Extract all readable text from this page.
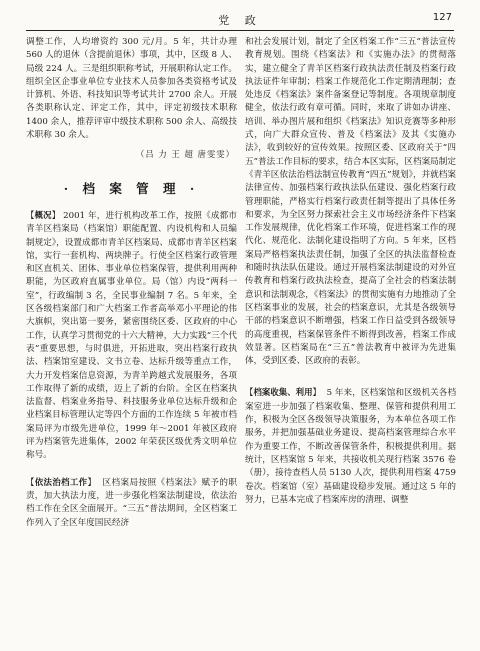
党 政	127

调整工作，人均增资约 300 元/月。5 年，共计办理 560 人的退休（含提前退休）事项，其中，区级 8 人、局级 224 人。三是组织职称考试，开展职称认定工作。组织全区企事业单位专业技术人员参加各类资格考试及计算机、外语、科技知识等考试共计 2700 余人。开展各类职称认定、评定工作，其中，评定初级技术职称 1400 余人，推荐评审中级技术职称 500 余人、高级技术职称 30 余人。

（吕 力 王 超 唐雯雯）
· 档 案 管 理 ·

【 概况 】 2001 年，进行机构改革工作，按照《成都市青羊区档案局（档案馆）职能配置、内设机构和人员编制规定》，设置成都市青羊区档案局、成都市青羊区档案馆，实行一套机构、两块牌子。行使全区档案行政管理和区直机关、团体、事业单位档案保管，提供利用两种职能，为区政府直属事业单位。局（馆）内设“两科一室”，行政编制 3 名，全民事业编制 7 名。5 年来，全区各级档案部门和广大档案工作者高举邓小平理论的伟大旗帜，突出第一要务，紧密围绕区委、区政府的中心工作，认真学习贯彻党的十六大精神，大力实践“三个代表”重要思想，与时俱进，开拓进取，突出档案行政执法、档案馆室建设、文书立卷、达标升级等重点工作，大力开发档案信息资源，为青羊跨越式发展服务，各项工作取得了新的成绩，迈上了新的台阶。全区在档案执法监督、档案业务指导、科技服务业单位达标升级和企业档案目标管理认定等四个方面的工作连续 5 年被市档案局评为市级先进单位，1999 年～2001 年被区政府评为档案管先进集体，2002 年荣获区级优秀文明单位称号。

【 依法治档工作 】 区档案局按照《档案法》赋予的职责，加大执法力度，进一步强化档案法制建设，依法治档工作在全区全面展开。“三五”普法期间，全区档案工作列入了全区年度国民经济

和社会发展计划，制定了全区档案工作“三五”普法宣传教育规划。围绕《档案法》和《实施办法》的贯彻落实，建立健全了青羊区档案行政执法责任制及档案行政执法证件年审制；档案工作规范化工作定期清理制；查处违反《档案法》案件备案登记等制度。各项规章制度健全，依法行政有章可循。同时，来取了讲如办讲座、培训、举办图片展和组织《档案法》知识竞赛等多种形式，向广大群众宣传、普及《档案法》及其《实施办法》，收到较好的宣传效果。按照区委、区政府关于“四五”普法工作目标的要求，结合本区实际，区档案局制定《青羊区依法治档法制宣传教育“四五”规划》，并就档案法律宣传、加强档案行政执法队伍建设、强化档案行政管理职能，严格实行档案行政责任制等提出了具体任务和要求，为全区努力探索社会主义市场经济条件下档案工作发展规律，优化档案工作环境，促进档案工作的现代化、规范化、法制化建设指明了方向。5 年来，区档案局严格档案执法责任制，加强了全区的执法监督检查和随时执法队伍建设。通过开展档案法制建设的对外宣传教育和档案行政执法检查，提高了全社会的档案法制意识和法制观念，《档案法》的贯彻实施有力地推动了全区档案事业的发展，社会的档案意识，尤其是各级领导干部的档案意识不断增强，档案工作日益受到各级领导的高度重视，档案保管条件不断得到改善，档案工作成效显著。区档案局在“三五”普法教育中被评为先进集体，受到区委、区政府的表彰。

【 档案收集、利用 】 5 年来，区档案馆和区级机关各档案室进一步加强了档案收集、整理、保管和提供利用工作，积极为全区各级领导决策服务，为本单位各项工作服务，并把加强基础业务建设、提高档案管理综合水平作为重要工作，不断改善保管条件，积极提供利用。据统计，区档案馆 5 年来，共接收机关现行档案 3576 卷（册），接待查档人员 5130 人次，提供利用档案 4759 卷次。档案馆（室）基础建设稳步发展。通过这 5 年的努力，已基本完成了档案库房的清理、调整
